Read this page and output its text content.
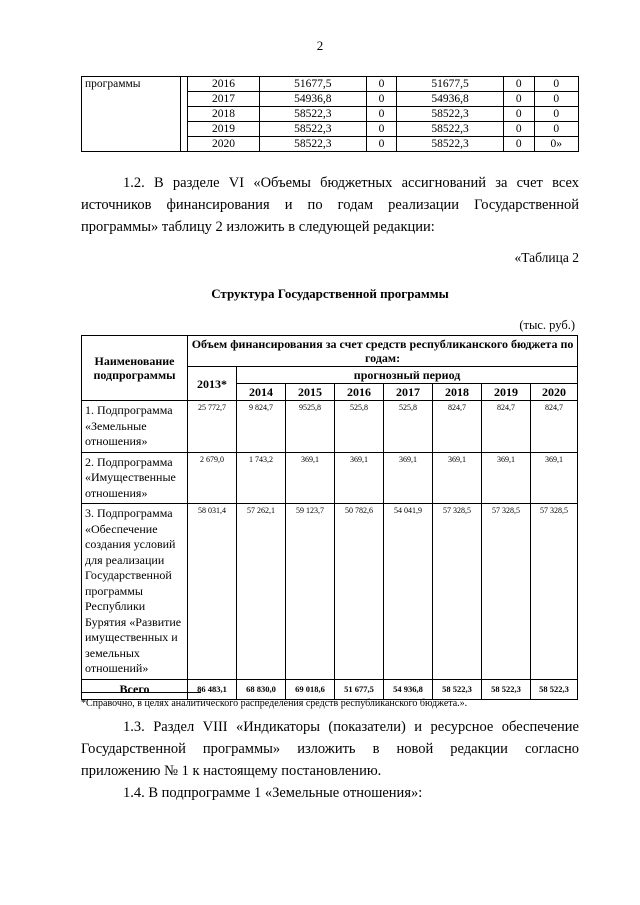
2
программы		2016	51677,5	0	51677,5	0	0
		2017	54936,8	0	54936,8	0	0
		2018	58522,3	0	58522,3	0	0
		2019	58522,3	0	58522,3	0	0
		2020	58522,3	0	58522,3	0	0»
1.2. В разделе VI «Объемы бюджетных ассигнований за счет всех источников финансирования и по годам реализации Государственной программы» таблицу 2 изложить в следующей редакции:
«Таблица 2
Структура Государственной программы
(тыс. руб.)
Наименование подпрограммы	Объем финансирования за счет средств республиканского бюджета по годам:							
	2013*	прогнозный период						
		2014	2015	2016	2017	2018	2019	2020
1. Подпрограмма «Земельные отношения»	25 772,7	9 824,7	9525,8	525,8	525,8	824,7	824,7	824,7
2. Подпрограмма «Имущественные отношения»	2 679,0	1 743,2	369,1	369,1	369,1	369,1	369,1	369,1
3. Подпрограмма «Обеспечение создания условий для реализации Государственной программы Республики Бурятия «Развитие имущественных и земельных отношений»	58 031,4	57 262,1	59 123,7	50 782,6	54 041,9	57 328,5	57 328,5	57 328,5
Всего	86 483,1	68 830,0	69 018,6	51 677,5	54 936,8	58 522,3	58 522,3	58 522,3
*Справочно, в целях аналитического распределения средств республиканского бюджета.».
1.3. Раздел VIII «Индикаторы (показатели) и ресурсное обеспечение Государственной программы» изложить в новой редакции согласно приложению № 1 к настоящему постановлению.
1.4. В подпрограмме 1 «Земельные отношения»:
